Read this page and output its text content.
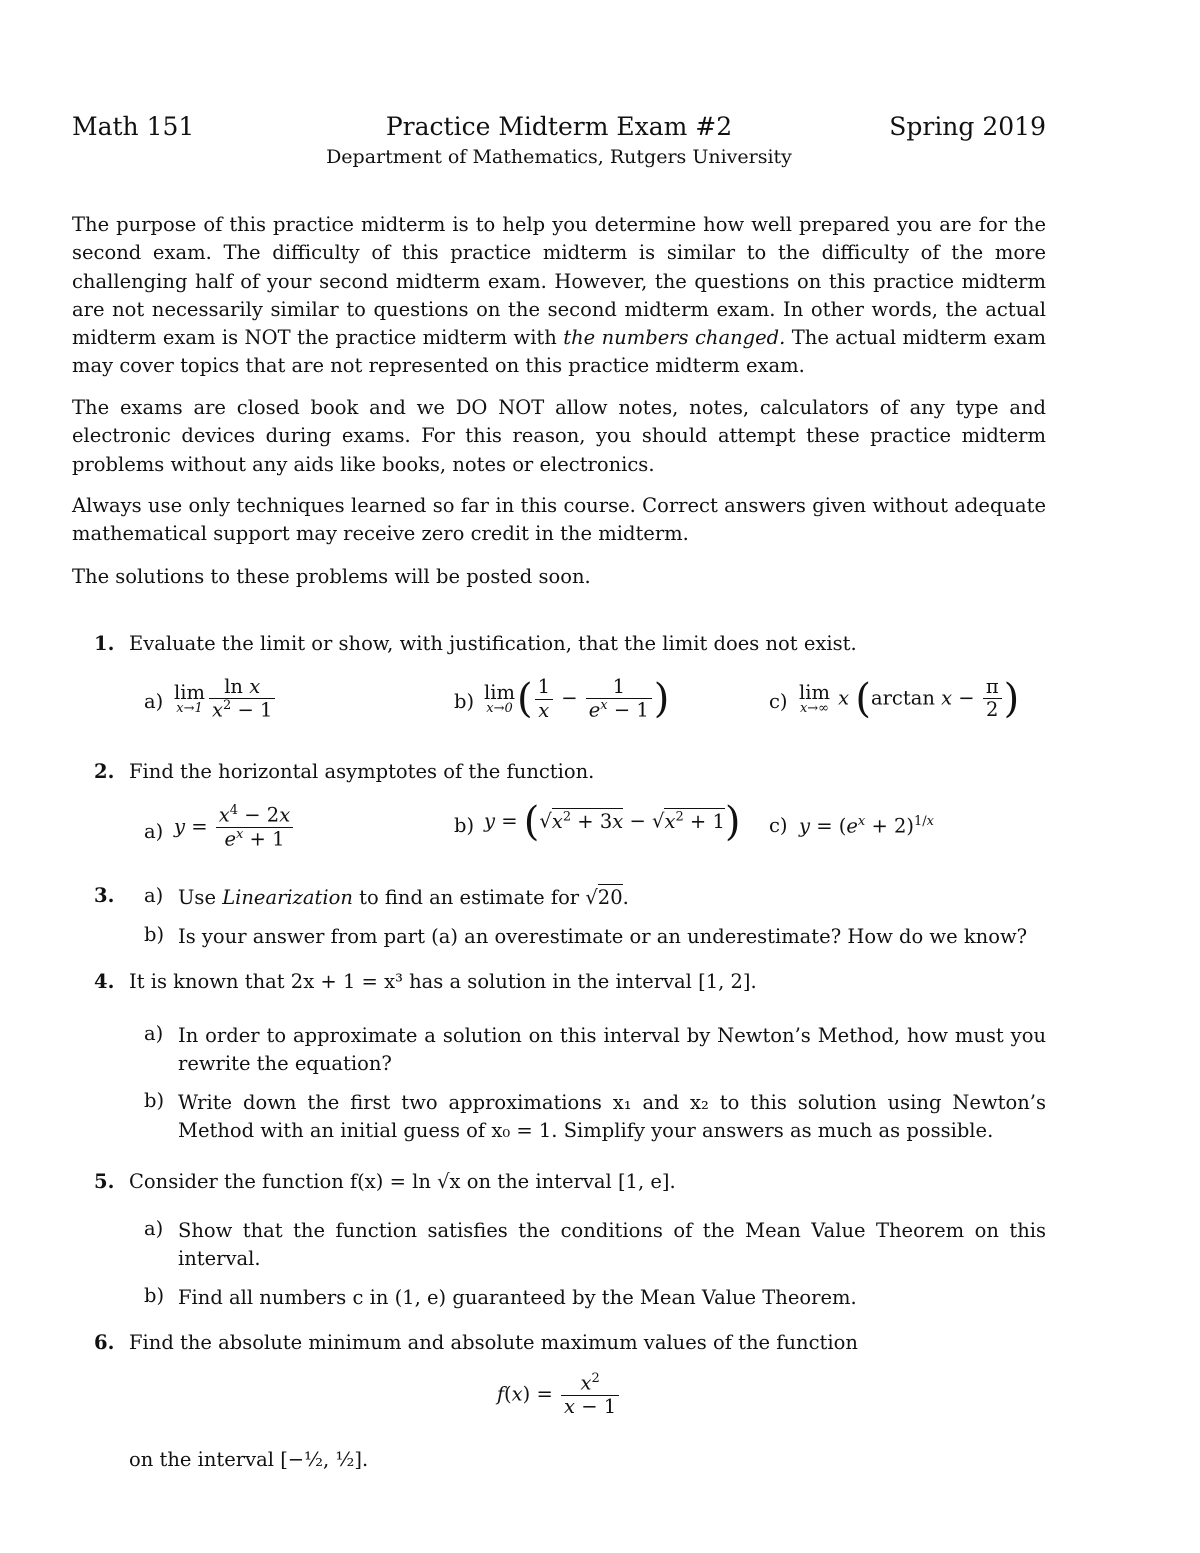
Math 151	Practice Midterm Exam #2	Spring 2019
Department of Mathematics, Rutgers University
The purpose of this practice midterm is to help you determine how well prepared you are for the second exam. The difficulty of this practice midterm is similar to the difficulty of the more challenging half of your second midterm exam. However, the questions on this practice midterm are not necessarily similar to questions on the second midterm exam. In other words, the actual midterm exam is NOT the practice midterm with the numbers changed. The actual midterm exam may cover topics that are not represented on this practice midterm exam.
The exams are closed book and we DO NOT allow notes, notes, calculators of any type and electronic devices during exams. For this reason, you should attempt these practice midterm problems without any aids like books, notes or electronics.
Always use only techniques learned so far in this course. Correct answers given without adequate mathematical support may receive zero credit in the midterm.
The solutions to these problems will be posted soon.
1. Evaluate the limit or show, with justification, that the limit does not exist.
a) lim
$x\to 1 \frac{\text{ln x}}{x^2 - 1}$	b) lim
x→0 ( $\frac{1}{x} - \frac{1}{e^x - 1}$ )	c) lim
x→∞ x (arctan $x - \frac{\pi}{2}$ )
2. Find the horizontal asymptotes of the function.
a) $y = \frac{x^4 - 2x}{e^x + 1}$	b) $y = (√x^2 + 3x - √x^2 + 1)$ c) $y = (e^x + 2)^{1/x}$
3. a) Use Linearization to find an estimate for √20.
b) Is your answer from part (a) an overestimate or an underestimate? How do we know?
4. It is known that 2x + 1 = x³ has a solution in the interval [1, 2].
a) In order to approximate a solution on this interval by Newton’s Method, how must you rewrite the equation?
b) Write down the first two approximations x₁ and x₂ to this solution using Newton’s Method with an initial guess of x₀ = 1. Simplify your answers as much as possible.
5. Consider the function f(x) = ln √x on the interval [1, e].
a) Show that the function satisfies the conditions of the Mean Value Theorem on this interval.
b) Find all numbers c in (1, e) guaranteed by the Mean Value Theorem.
6. Find the absolute minimum and absolute maximum values of the function
$f(x) = \frac{x^2}{x - 1}$
on the interval [−½, ½].
